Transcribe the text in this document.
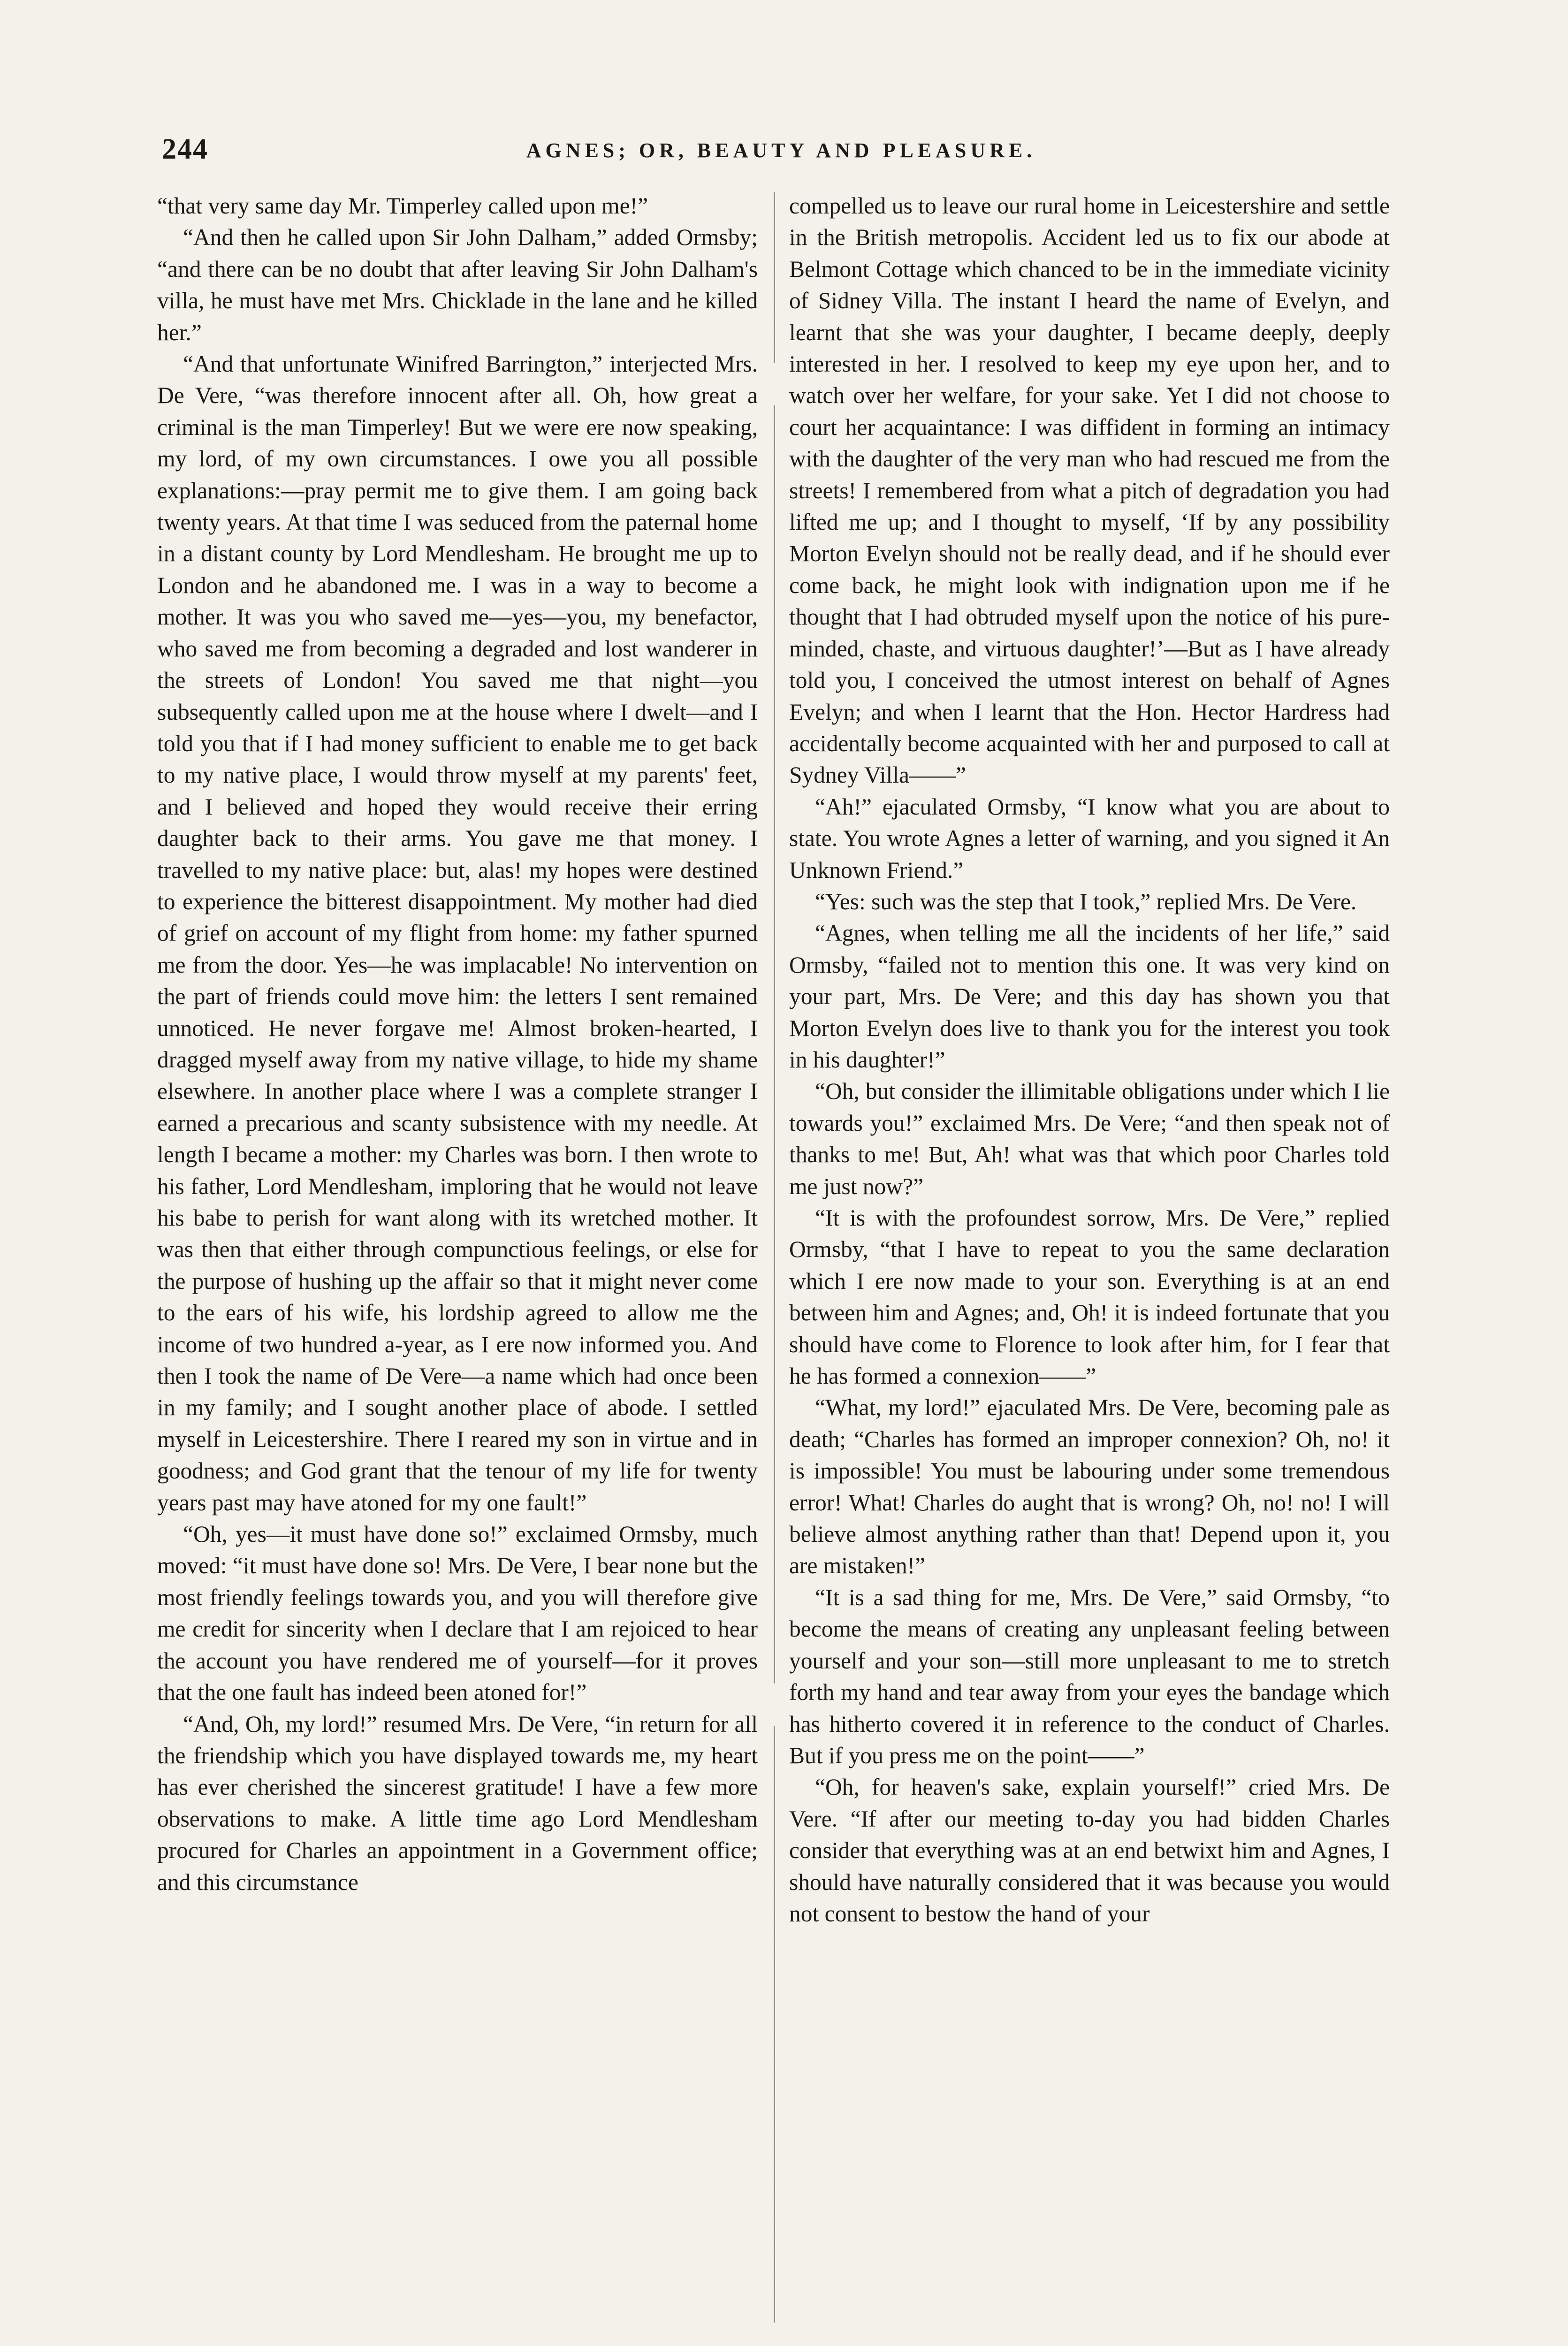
244	AGNES; OR, BEAUTY AND PLEASURE.

“that very same day Mr. Timperley called upon me!”

“And then he called upon Sir John Dalham,” added Ormsby; “and there can be no doubt that after leaving Sir John Dalham's villa, he must have met Mrs. Chicklade in the lane and he killed her.”

“And that unfortunate Winifred Barrington,” interjected Mrs. De Vere, “was therefore innocent after all. Oh, how great a criminal is the man Timperley! But we were ere now speaking, my lord, of my own circumstances. I owe you all possible explanations:—pray permit me to give them. I am going back twenty years. At that time I was seduced from the paternal home in a distant county by Lord Mendlesham. He brought me up to London and he abandoned me. I was in a way to become a mother. It was you who saved me—yes—you, my benefactor, who saved me from becoming a degraded and lost wanderer in the streets of London! You saved me that night—you subsequently called upon me at the house where I dwelt—and I told you that if I had money sufficient to enable me to get back to my native place, I would throw myself at my parents' feet, and I believed and hoped they would receive their erring daughter back to their arms. You gave me that money. I travelled to my native place: but, alas! my hopes were destined to experience the bitterest disappointment. My mother had died of grief on account of my flight from home: my father spurned me from the door. Yes—he was implacable! No intervention on the part of friends could move him: the letters I sent remained unnoticed. He never forgave me! Almost broken-hearted, I dragged myself away from my native village, to hide my shame elsewhere. In another place where I was a complete stranger I earned a precarious and scanty subsistence with my needle. At length I became a mother: my Charles was born. I then wrote to his father, Lord Mendlesham, imploring that he would not leave his babe to perish for want along with its wretched mother. It was then that either through compunctious feelings, or else for the purpose of hushing up the affair so that it might never come to the ears of his wife, his lordship agreed to allow me the income of two hundred a-year, as I ere now informed you. And then I took the name of De Vere—a name which had once been in my family; and I sought another place of abode. I settled myself in Leicestershire. There I reared my son in virtue and in goodness; and God grant that the tenour of my life for twenty years past may have atoned for my one fault!”

“Oh, yes—it must have done so!” exclaimed Ormsby, much moved: “it must have done so! Mrs. De Vere, I bear none but the most friendly feelings towards you, and you will therefore give me credit for sincerity when I declare that I am rejoiced to hear the account you have rendered me of yourself—for it proves that the one fault has indeed been atoned for!”

“And, Oh, my lord!” resumed Mrs. De Vere, “in return for all the friendship which you have displayed towards me, my heart has ever cherished the sincerest gratitude! I have a few more observations to make. A little time ago Lord Mendlesham procured for Charles an appointment in a Government office; and this circumstance

compelled us to leave our rural home in Leicestershire and settle in the British metropolis. Accident led us to fix our abode at Belmont Cottage which chanced to be in the immediate vicinity of Sidney Villa. The instant I heard the name of Evelyn, and learnt that she was your daughter, I became deeply, deeply interested in her. I resolved to keep my eye upon her, and to watch over her welfare, for your sake. Yet I did not choose to court her acquaintance: I was diffident in forming an intimacy with the daughter of the very man who had rescued me from the streets! I remembered from what a pitch of degradation you had lifted me up; and I thought to myself, ‘If by any possibility Morton Evelyn should not be really dead, and if he should ever come back, he might look with indignation upon me if he thought that I had obtruded myself upon the notice of his pure-minded, chaste, and virtuous daughter!’—But as I have already told you, I conceived the utmost interest on behalf of Agnes Evelyn; and when I learnt that the Hon. Hector Hardress had accidentally become acquainted with her and purposed to call at Sydney Villa——”

“Ah!” ejaculated Ormsby, “I know what you are about to state. You wrote Agnes a letter of warning, and you signed it An Unknown Friend.”

“Yes: such was the step that I took,” replied Mrs. De Vere.

“Agnes, when telling me all the incidents of her life,” said Ormsby, “failed not to mention this one. It was very kind on your part, Mrs. De Vere; and this day has shown you that Morton Evelyn does live to thank you for the interest you took in his daughter!”

“Oh, but consider the illimitable obligations under which I lie towards you!” exclaimed Mrs. De Vere; “and then speak not of thanks to me! But, Ah! what was that which poor Charles told me just now?”

“It is with the profoundest sorrow, Mrs. De Vere,” replied Ormsby, “that I have to repeat to you the same declaration which I ere now made to your son. Everything is at an end between him and Agnes; and, Oh! it is indeed fortunate that you should have come to Florence to look after him, for I fear that he has formed a connexion——”

“What, my lord!” ejaculated Mrs. De Vere, becoming pale as death; “Charles has formed an improper connexion? Oh, no! it is impossible! You must be labouring under some tremendous error! What! Charles do aught that is wrong? Oh, no! no! I will believe almost anything rather than that! Depend upon it, you are mistaken!”

“It is a sad thing for me, Mrs. De Vere,” said Ormsby, “to become the means of creating any unpleasant feeling between yourself and your son—still more unpleasant to me to stretch forth my hand and tear away from your eyes the bandage which has hitherto covered it in reference to the conduct of Charles. But if you press me on the point——”

“Oh, for heaven's sake, explain yourself!” cried Mrs. De Vere. “If after our meeting to-day you had bidden Charles consider that everything was at an end betwixt him and Agnes, I should have naturally considered that it was because you would not consent to bestow the hand of your
